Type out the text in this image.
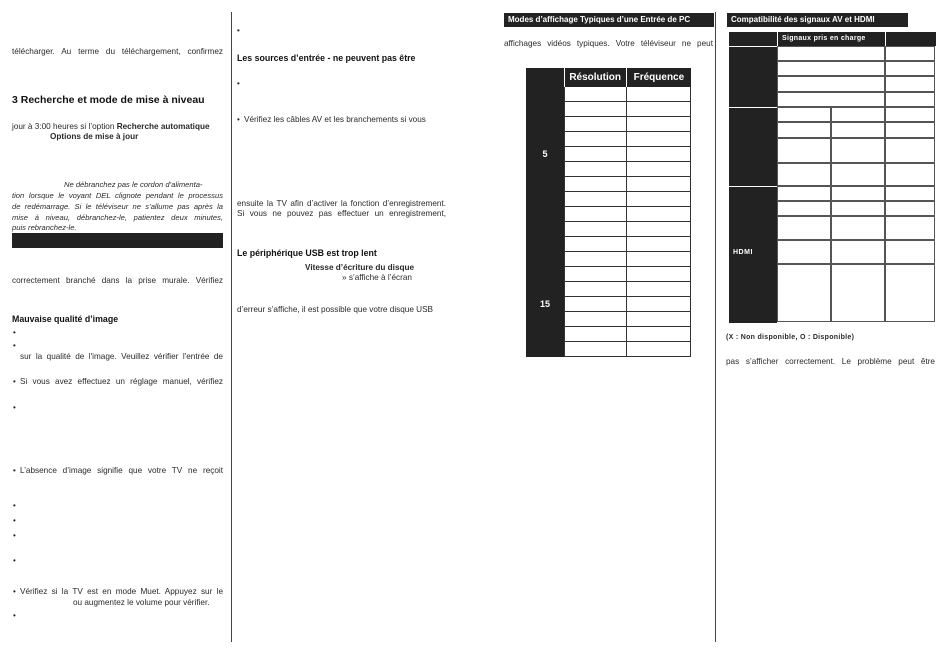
télécharger. Au terme du téléchargement, confirmez
3 Recherche et mode de mise à niveau
jour à 3:00 heures si l’option Recherche automatique
Options de mise à jour
Ne débranchez pas le cordon d’alimenta-
tion lorsque le voyant DEL clignote pendant le processus
de redémarrage. Si le téléviseur ne s’allume pas après la
mise à niveau, débranchez-le, patientez deux minutes,
puis rebranchez-le.
correctement branché dans la prise murale. Vérifiez
Mauvaise qualité d’image
•
•
sur la qualité de l'image. Veuillez vérifier l'entrée de
• Si vous avez effectuez un réglage manuel, vérifiez
•
• L’absence d’image signifie que votre TV ne reçoit
•
•
•
•
• Vérifiez si la TV est en mode Muet. Appuyez sur le
ou augmentez le volume pour vérifier.
•
•
Les sources d’entrée - ne peuvent pas être
•
• Vérifiez les câbles AV et les branchements si vous
ensuite la TV afin d’activer la fonction d’enregistrement.
Si vous ne pouvez pas effectuer un enregistrement,
Le périphérique USB est trop lent
Vitesse d’écriture du disque
» s’affiche à l’écran
d’erreur s’affiche, il est possible que votre disque USB
Modes d’affichage Typiques d’une Entrée de PC
affichages vidéos typiques. Votre téléviseur ne peut
Résolution	Fréquence
5
15
Compatibilité des signaux AV et HDMI
Signaux pris en charge
HDMI
(X : Non disponible, O : Disponible)
pas s’afficher correctement. Le problème peut être
